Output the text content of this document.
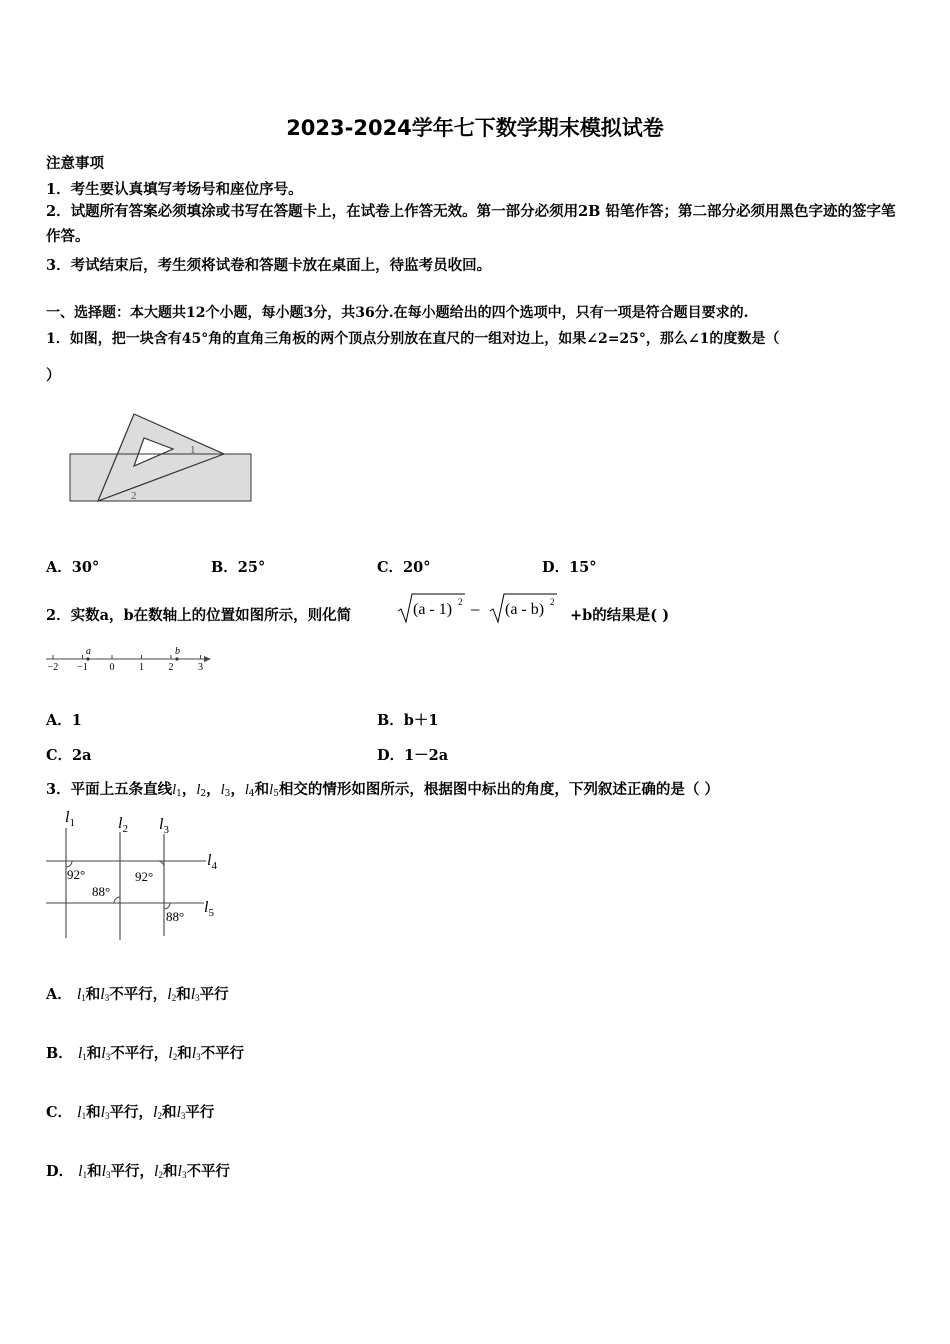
2023-2024学年七下数学期末模拟试卷
注意事项
1．考生要认真填写考场号和座位序号。
2．试题所有答案必须填涂或书写在答题卡上，在试卷上作答无效。第一部分必须用2B 铅笔作答；第二部分必须用黑色字迹的签字笔作答。
3．考试结束后，考生须将试卷和答题卡放在桌面上，待监考员收回。
一、选择题：本大题共12个小题，每小题3分，共36分.在每小题给出的四个选项中，只有一项是符合题目要求的.
1．如图，把一块含有45°角的直角三角板的两个顶点分别放在直尺的一组对边上，如果∠2=25°，那么∠1的度数是（
）
1
2
A．30°	B．25°	C．20°	D．15°
2．实数a，b在数轴上的位置如图所示，则化简	(a - 1) 2 − (a - b) 2
+b的结果是( )
−2 −1 0 1 2 3
a	b
A．1	B．b＋1
C．2a	D．1－2a
3．平面上五条直线$l_1$，$l_2$，$l_3$，$l_4$和$l_5$相交的情形如图所示，根据图中标出的角度，下列叙述正确的是（ ）
$l_1$	$l_2$ $l_3$
$l_4$
$l_5$
92°
88°
92°
88°
A． $l_1$和$l_3$不平行，$l_2$和$l_3$平行
B． $l_1$和$l_3$不平行，$l_2$和$l_3$不平行
C． $l_1$和$l_3$平行，$l_2$和$l_3$平行
D． $l_1$和$l_3$平行，$l_2$和$l_3$不平行
